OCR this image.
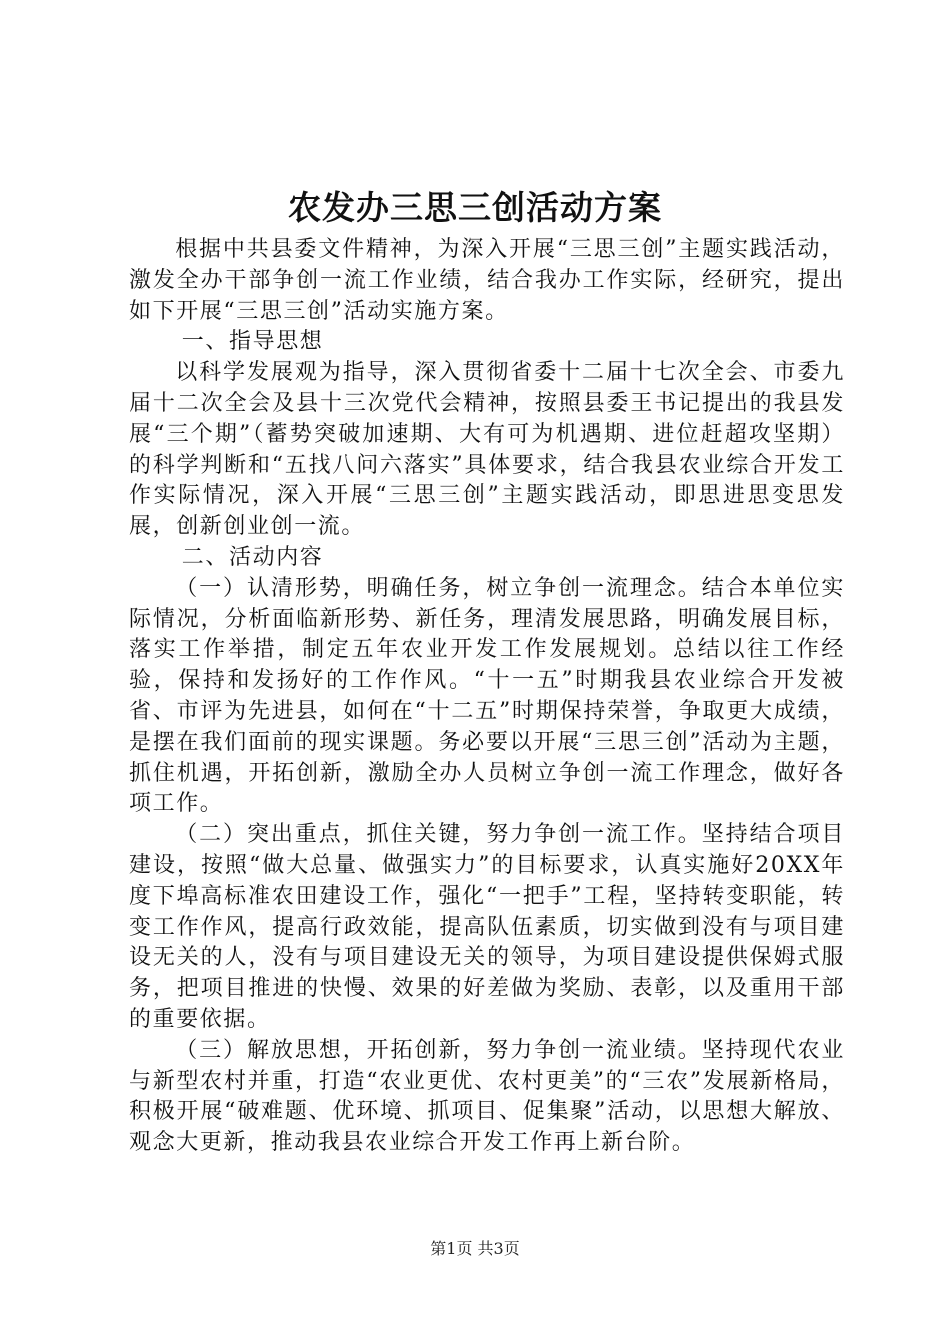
农发办三思三创活动方案

根据中共县委文件精神，为深入开展“三思三创”主题实践活动，激发全办干部争创一流工作业绩，结合我办工作实际，经研究，提出如下开展“三思三创”活动实施方案。

一、指导思想

以科学发展观为指导，深入贯彻省委十二届十七次全会、市委九届十二次全会及县十三次党代会精神，按照县委王书记提出的我县发展“三个期”（蓄势突破加速期、大有可为机遇期、进位赶超攻坚期）的科学判断和“五找八问六落实”具体要求，结合我县农业综合开发工作实际情况，深入开展“三思三创”主题实践活动，即思进思变思发展，创新创业创一流。

二、活动内容

（一）认清形势，明确任务，树立争创一流理念。结合本单位实际情况，分析面临新形势、新任务，理清发展思路，明确发展目标，落实工作举措，制定五年农业开发工作发展规划。总结以往工作经验，保持和发扬好的工作作风。“十一五”时期我县农业综合开发被省、市评为先进县，如何在“十二五”时期保持荣誉，争取更大成绩，是摆在我们面前的现实课题。务必要以开展“三思三创”活动为主题，抓住机遇，开拓创新，激励全办人员树立争创一流工作理念，做好各项工作。

（二）突出重点，抓住关键，努力争创一流工作。坚持结合项目建设，按照“做大总量、做强实力”的目标要求，认真实施好20XX年度下埠高标准农田建设工作，强化“一把手”工程，坚持转变职能，转变工作作风，提高行政效能，提高队伍素质，切实做到没有与项目建设无关的人，没有与项目建设无关的领导，为项目建设提供保姆式服务，把项目推进的快慢、效果的好差做为奖励、表彰，以及重用干部的重要依据。

（三）解放思想，开拓创新，努力争创一流业绩。坚持现代农业与新型农村并重，打造“农业更优、农村更美”的“三农”发展新格局，积极开展“破难题、优环境、抓项目、促集聚”活动，以思想大解放、观念大更新，推动我县农业综合开发工作再上新台阶。

第1页 共3页
